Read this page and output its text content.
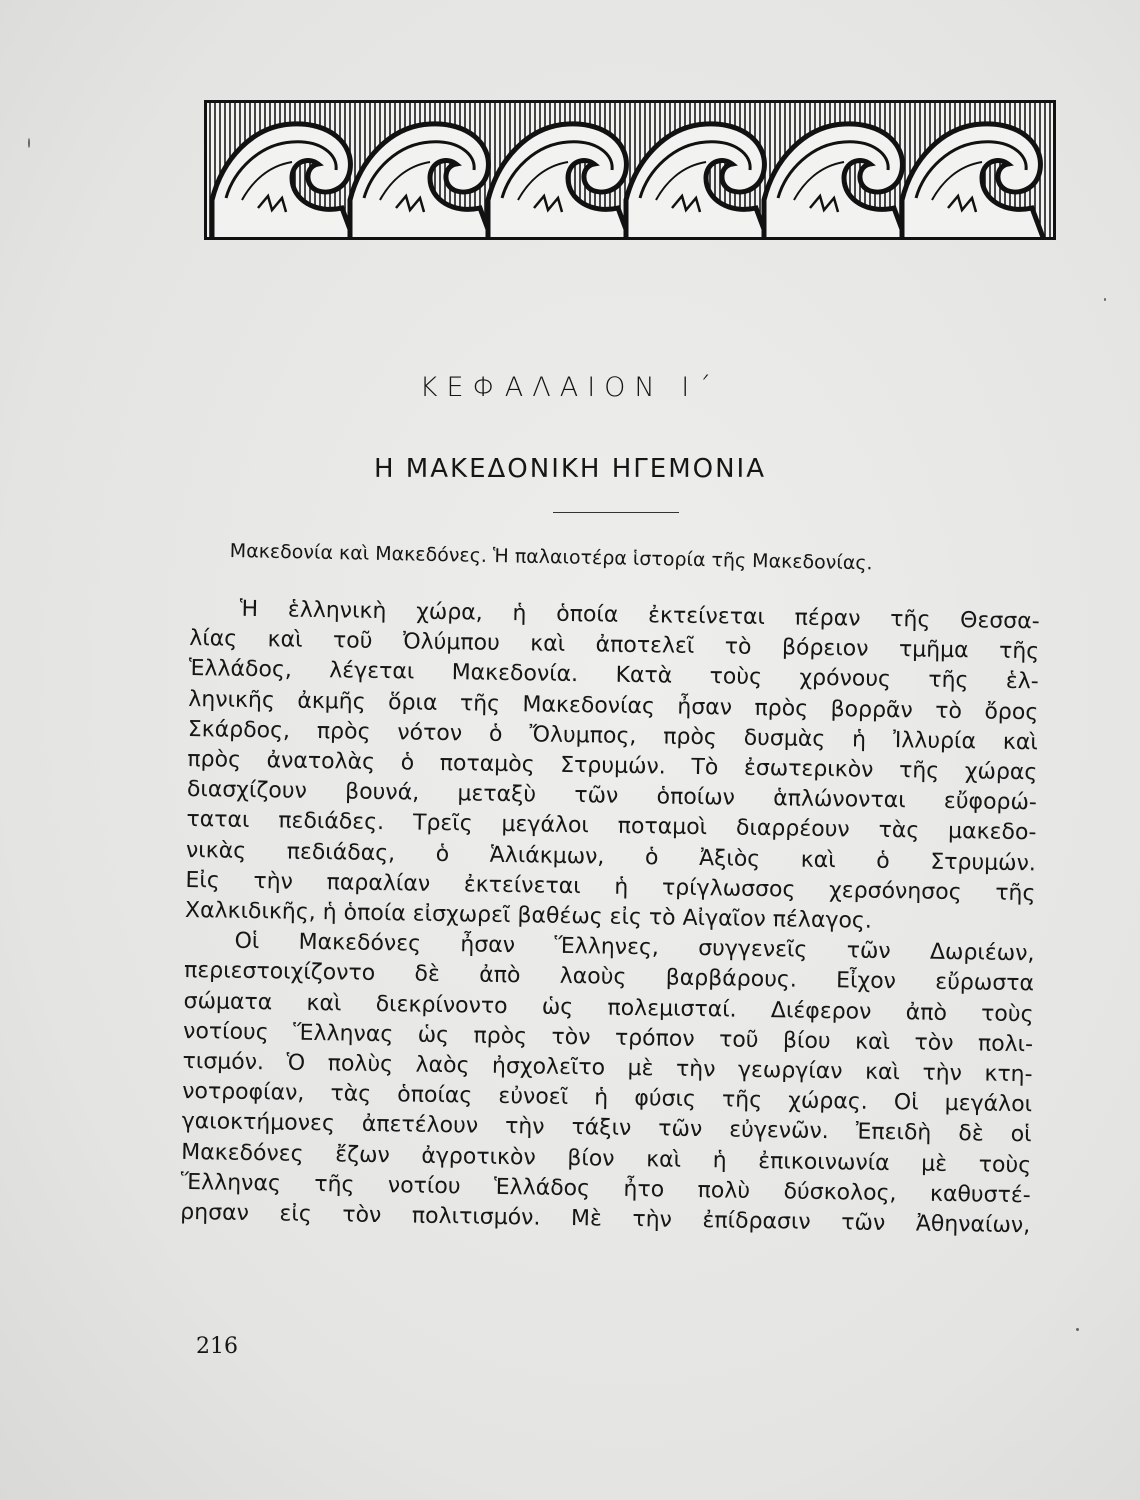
ΚΕΦΑΛΑΙΟΝ Ι΄
Η ΜΑΚΕΔΟΝΙΚΗ ΗΓΕΜΟΝΙΑ
Μακεδονία καὶ Μακεδόνες. Ἡ παλαιοτέρα ἱστορία τῆς Μακεδονίας.
Ἡ ἑλληνικὴ χώρα, ἡ ὁποία ἐκτείνεται πέραν τῆς Θεσσα-
λίας καὶ τοῦ Ὀλύμπου καὶ ἀποτελεῖ τὸ βόρειον τμῆμα τῆς
Ἑλλάδος, λέγεται Μακεδονία. Κατὰ τοὺς χρόνους τῆς ἑλ-
ληνικῆς ἀκμῆς ὅρια τῆς Μακεδονίας ἦσαν πρὸς βορρᾶν τὸ ὄρος
Σκάρδος, πρὸς νότον ὁ Ὄλυμπος, πρὸς δυσμὰς ἡ Ἰλλυρία καὶ
πρὸς ἀνατολὰς ὁ ποταμὸς Στρυμών. Τὸ ἐσωτερικὸν τῆς χώρας
διασχίζουν βουνά, μεταξὺ τῶν ὁποίων ἁπλώνονται εὔφορώ-
ταται πεδιάδες. Τρεῖς μεγάλοι ποταμοὶ διαρρέουν τὰς μακεδο-
νικὰς πεδιάδας, ὁ Ἁλιάκμων, ὁ Ἀξιὸς καὶ ὁ Στρυμών.
Εἰς τὴν παραλίαν ἐκτείνεται ἡ τρίγλωσσος χερσόνησος τῆς
Χαλκιδικῆς, ἡ ὁποία εἰσχωρεῖ βαθέως εἰς τὸ Αἰγαῖον πέλαγος.
Οἱ Μακεδόνες ἦσαν Ἕλληνες, συγγενεῖς τῶν Δωριέων,
περιεστοιχίζοντο δὲ ἀπὸ λαοὺς βαρβάρους. Εἶχον εὔρωστα
σώματα καὶ διεκρίνοντο ὡς πολεμισταί. Διέφερον ἀπὸ τοὺς
νοτίους Ἕλληνας ὡς πρὸς τὸν τρόπον τοῦ βίου καὶ τὸν πολι-
τισμόν. Ὁ πολὺς λαὸς ἠσχολεῖτο μὲ τὴν γεωργίαν καὶ τὴν κτη-
νοτροφίαν, τὰς ὁποίας εὐνοεῖ ἡ φύσις τῆς χώρας. Οἱ μεγάλοι
γαιοκτήμονες ἀπετέλουν τὴν τάξιν τῶν εὐγενῶν. Ἐπειδὴ δὲ οἱ
Μακεδόνες ἔζων ἀγροτικὸν βίον καὶ ἡ ἐπικοινωνία μὲ τοὺς
Ἕλληνας τῆς νοτίου Ἑλλάδος ἦτο πολὺ δύσκολος, καθυστέ-
ρησαν εἰς τὸν πολιτισμόν. Μὲ τὴν ἐπίδρασιν τῶν Ἀθηναίων,
216
